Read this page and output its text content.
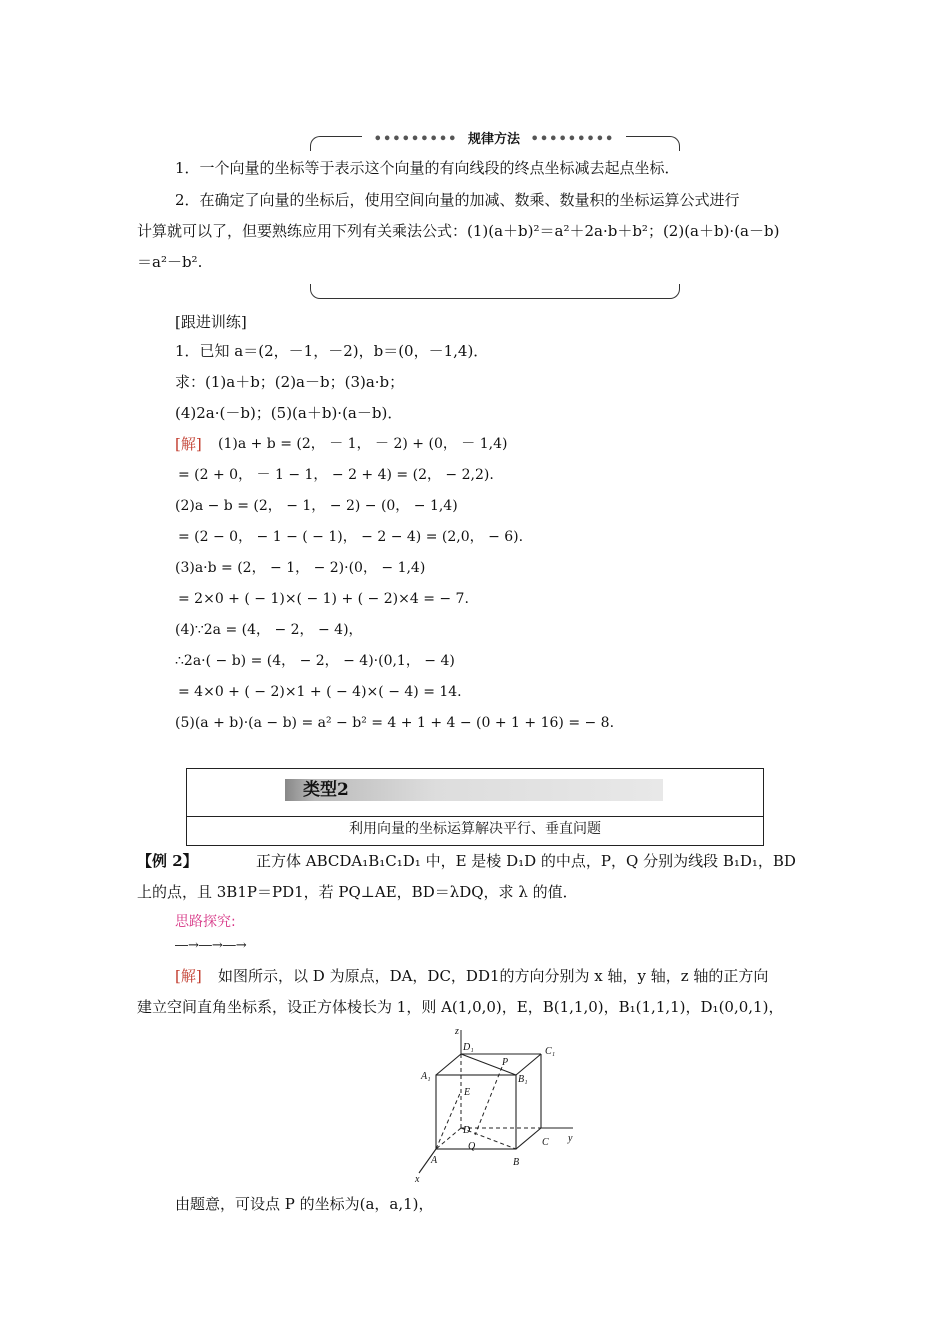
••••••••• 规律方法 •••••••••
1．一个向量的坐标等于表示这个向量的有向线段的终点坐标减去起点坐标．
2．在确定了向量的坐标后，使用空间向量的加减、数乘、数量积的坐标运算公式进行
计算就可以了，但要熟练应用下列有关乘法公式：(1)(a＋b)²＝a²＋2a·b＋b²；(2)(a＋b)·(a－b)
＝a²－b².
[跟进训练]
1．已知 a＝(2，－1，－2)，b＝(0，－1,4)．
求：(1)a＋b；(2)a－b；(3)a·b；
(4)2a·(－b)；(5)(a＋b)·(a－b)．
[解] (1)a + b = (2， － 1， － 2) + (0， － 1,4)
= (2 + 0， － 1 − 1， − 2 + 4) = (2， − 2,2).
(2)a − b = (2， − 1， − 2) − (0， − 1,4)
= (2 − 0， − 1 − ( − 1)， − 2 − 4) = (2,0， − 6).
(3)a·b = (2， − 1， − 2)·(0， − 1,4)
= 2×0 + ( − 1)×( − 1) + ( − 2)×4 = − 7.
(4)∵2a = (4， − 2， − 4)，
∴2a·( − b) = (4， − 2， − 4)·(0,1， − 4)
= 4×0 + ( − 2)×1 + ( − 4)×( − 4) = 14.
(5)(a + b)·(a − b) = a² − b² = 4 + 1 + 4 − (0 + 1 + 16) = − 8.
类型2
利用向量的坐标运算解决平行、垂直问题
【例 2】	正方体 ABCDA₁B₁C₁D₁ 中，E 是棱 D₁D 的中点，P，Q 分别为线段 B₁D₁，BD
上的点，且 3B1P＝PD1，若 PQ⊥AE，BD＝λDQ，求 λ 的值．
思路探究:
―→―→―→
[解] 如图所示，以 D 为原点，DA，DC，DD1的方向分别为 x 轴，y 轴，z 轴的正方向
建立空间直角坐标系，设正方体棱长为 1，则 A(1,0,0)，E，B(1,1,0)，B₁(1,1,1)，D₁(0,0,1)，
z
D₁	C₁
P
A₁	B₁
E
D
Q	C y
A	B
x
由题意，可设点 P 的坐标为(a，a,1)，
